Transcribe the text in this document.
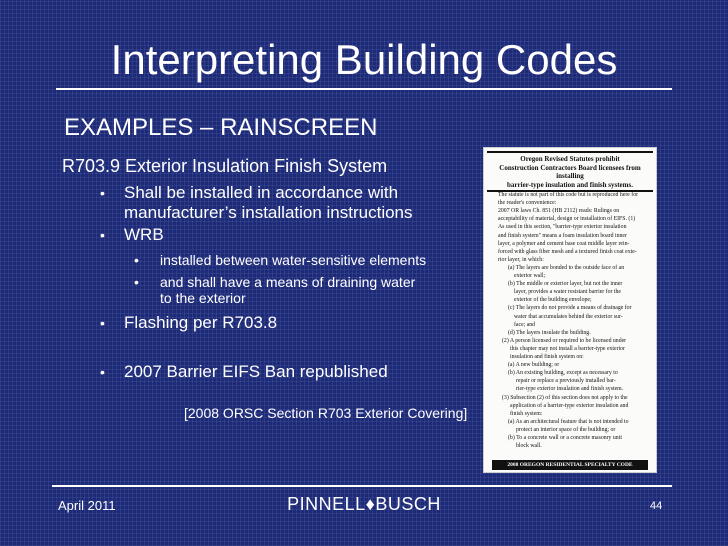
Interpreting Building Codes
EXAMPLES – RAINSCREEN
R703.9 Exterior Insulation Finish System
• Shall be installed in accordance with
manufacturer’s installation instructions
• WRB
• installed between water-sensitive elements
• and shall have a means of draining water
to the exterior
• Flashing per R703.8
• 2007 Barrier EIFS Ban republished
[2008 ORSC Section R703 Exterior Covering]
2008 OREGON RESIDENTIAL SPECIALTY CODE
Oregon Revised Statutes prohibit
Construction Contractors Board licensees from
installing
barrier-type insulation and finish systems.
The statute is not part of this code but is reproduced here for
the reader's convenience:
2007 OR laws Ch. 851 (HB 2112) reads: Rulings on
acceptability of material, design or installation of EIFS. (1)
As used in this section, "barrier-type exterior insulation
and finish system" means a foam insulation board inner
layer, a polymer and cement base coat middle layer rein-
forced with glass fiber mesh and a textured finish coat exte-
rior layer, in which:
(a) The layers are bonded to the outside face of an
exterior wall;
(b) The middle or exterior layer, but not the inner
layer, provides a water resistant barrier for the
exterior of the building envelope;
(c) The layers do not provide a means of drainage for
water that accumulates behind the exterior sur-
face; and
(d) The layers insulate the building.
(2) A person licensed or required to be licensed under
this chapter may not install a barrier-type exterior
insulation and finish system on:
(a) A new building; or
(b) An existing building, except as necessary to
repair or replace a previously installed bar-
rier-type exterior insulation and finish system.
(3) Subsection (2) of this section does not apply to the
application of a barrier-type exterior insulation and
finish system:
(a) As an architectural feature that is not intended to
protect an interior space of the building; or
(b) To a concrete wall or a concrete masonry unit
block wall.
April 2011	PINNELL♦BUSCH	44
